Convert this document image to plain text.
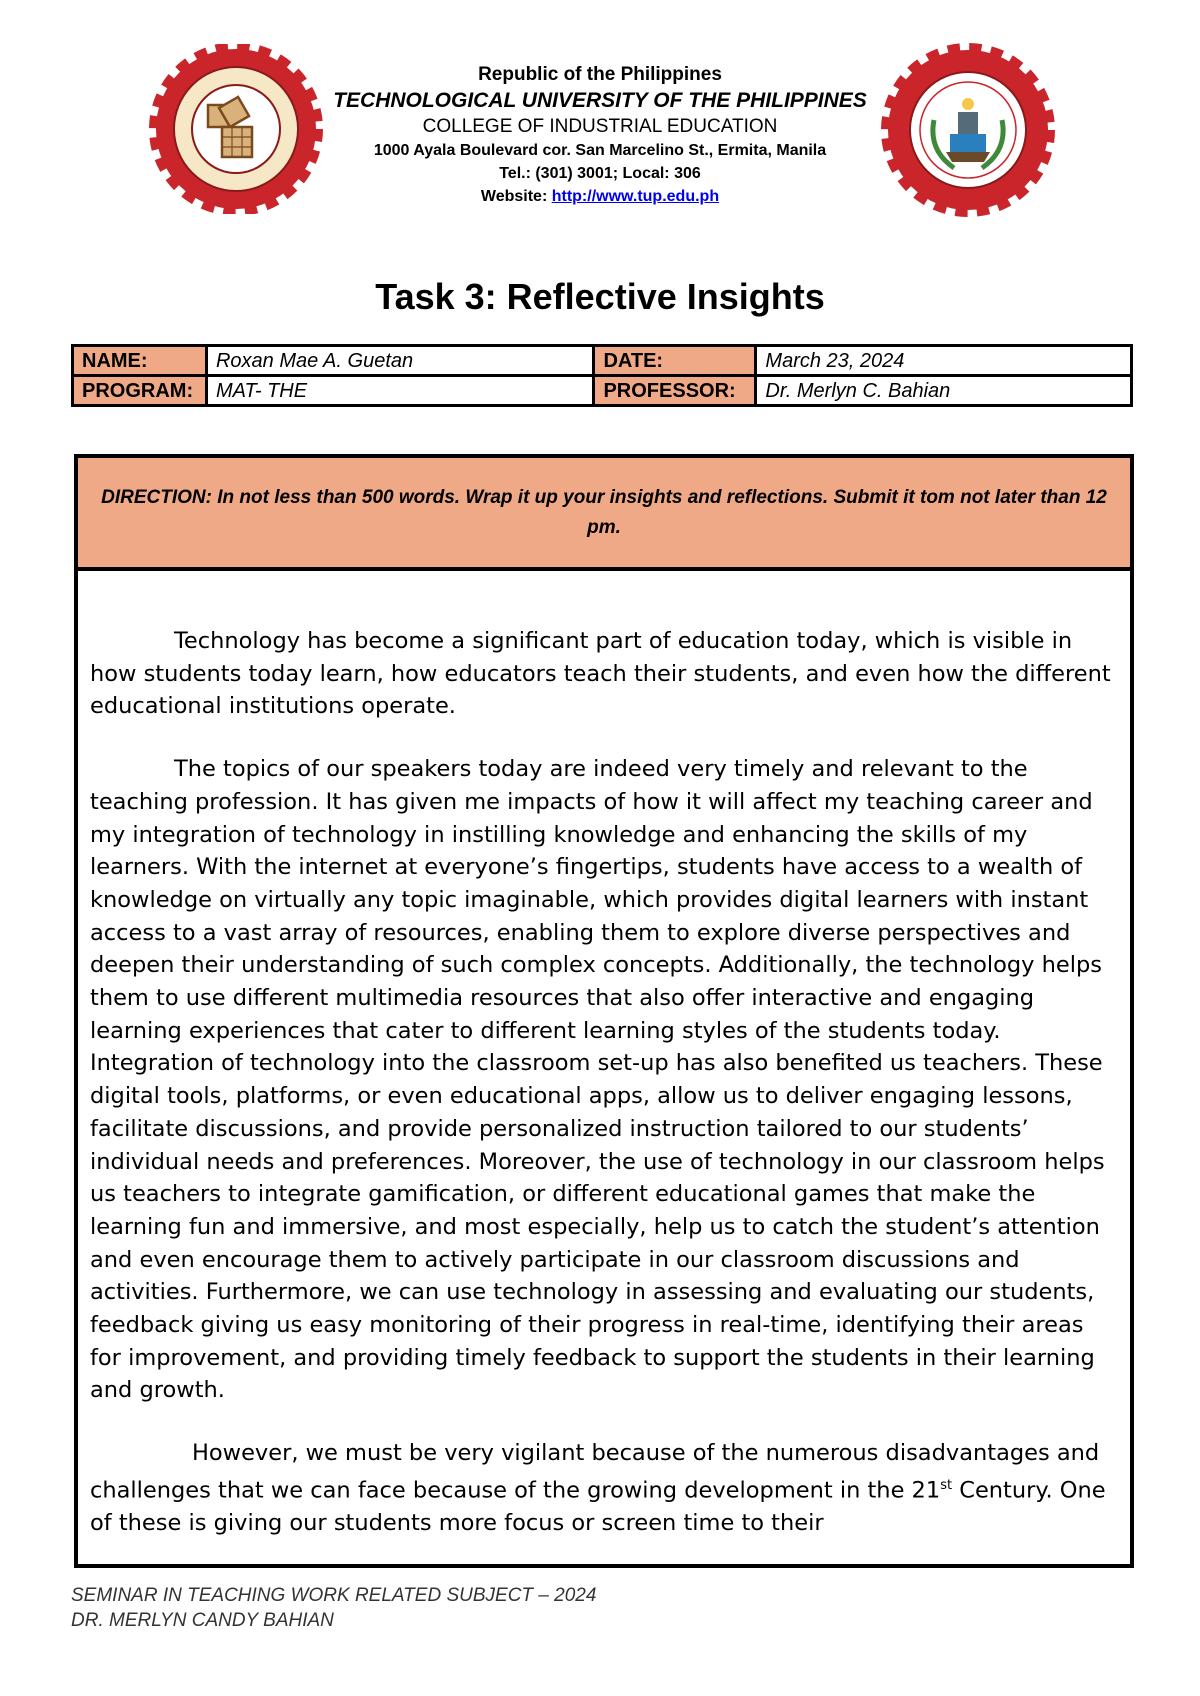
Republic of the Philippines
TECHNOLOGICAL UNIVERSITY OF THE PHILIPPINES
COLLEGE OF INDUSTRIAL EDUCATION
1000 Ayala Boulevard cor. San Marcelino St., Ermita, Manila
Tel.: (301) 3001; Local: 306
Website: http://www.tup.edu.ph
Task 3: Reflective Insights
NAME:	Roxan Mae A. Guetan	DATE:	March 23, 2024
PROGRAM:	MAT- THE	PROFESSOR:	Dr. Merlyn C. Bahian
DIRECTION: In not less than 500 words. Wrap it up your insights and reflections. Submit it tom not later than 12 pm.

Technology has become a significant part of education today, which is visible in how students today learn, how educators teach their students, and even how the different educational institutions operate.

The topics of our speakers today are indeed very timely and relevant to the teaching profession. It has given me impacts of how it will affect my teaching career and my integration of technology in instilling knowledge and enhancing the skills of my learners. With the internet at everyone’s fingertips, students have access to a wealth of knowledge on virtually any topic imaginable, which provides digital learners with instant access to a vast array of resources, enabling them to explore diverse perspectives and deepen their understanding of such complex concepts. Additionally, the technology helps them to use different multimedia resources that also offer interactive and engaging learning experiences that cater to different learning styles of the students today. Integration of technology into the classroom set-up has also benefited us teachers. These digital tools, platforms, or even educational apps, allow us to deliver engaging lessons, facilitate discussions, and provide personalized instruction tailored to our students’ individual needs and preferences. Moreover, the use of technology in our classroom helps us teachers to integrate gamification, or different educational games that make the learning fun and immersive, and most especially, help us to catch the student’s attention and even encourage them to actively participate in our classroom discussions and activities. Furthermore, we can use technology in assessing and evaluating our students, feedback giving us easy monitoring of their progress in real-time, identifying their areas for improvement, and providing timely feedback to support the students in their learning and growth.

However, we must be very vigilant because of the numerous disadvantages and challenges that we can face because of the growing development in the 21st Century. One of these is giving our students more focus or screen time to their

SEMINAR IN TEACHING WORK RELATED SUBJECT – 2024
DR. MERLYN CANDY BAHIAN
